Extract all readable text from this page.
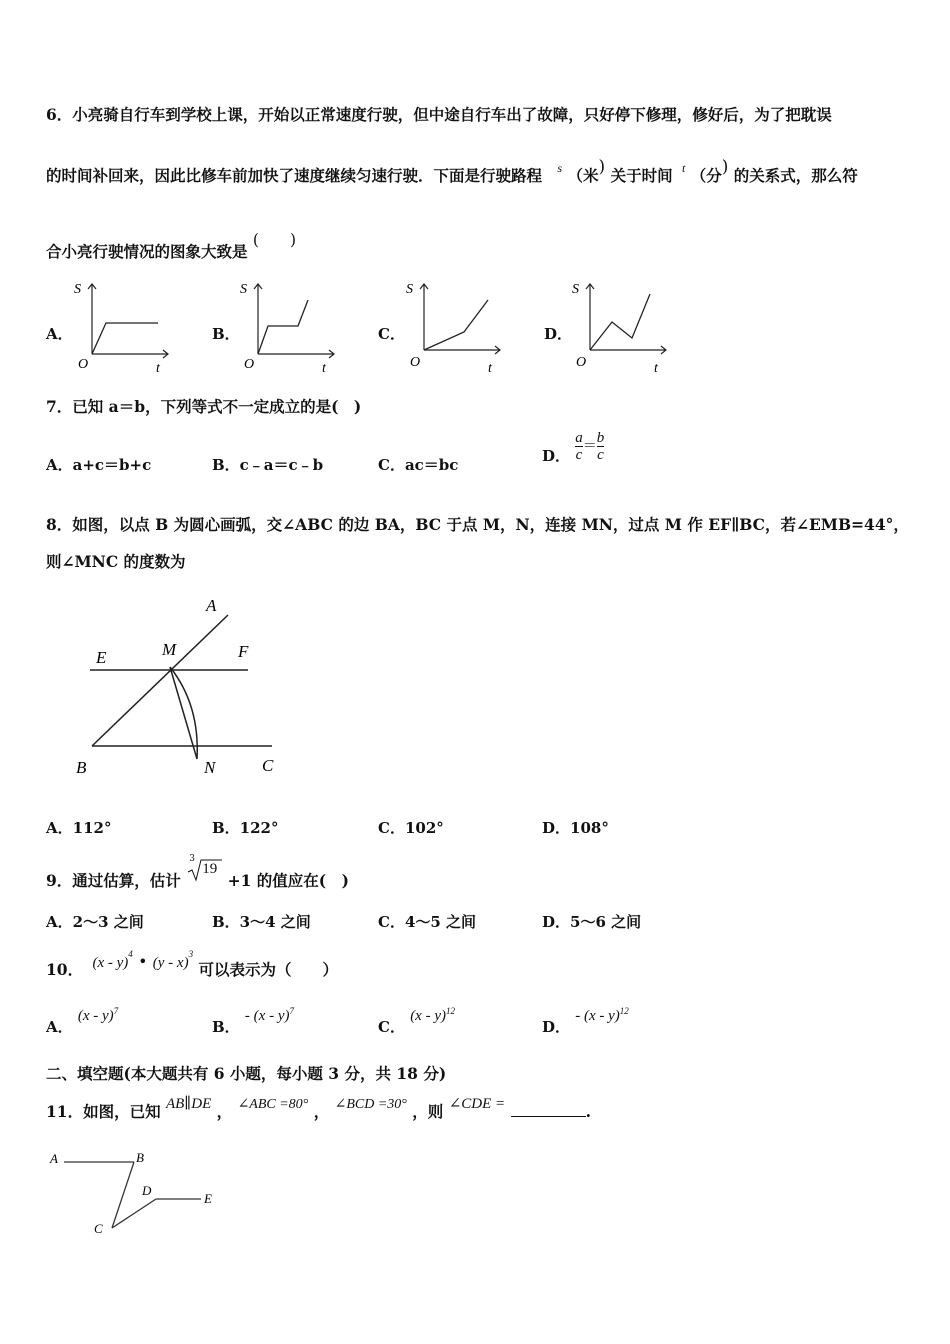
6．小亮骑自行车到学校上课，开始以正常速度行驶，但中途自行车出了故障，只好停下修理，修好后，为了把耽误
的时间补回来，因此比修车前加快了速度继续匀速行驶．下面是行驶路程 $^s$ （米) 关于时间 $^t$ （分) 的关系式，那么符
合小亮行驶情况的图象大致是 (　　)
A．	B．	C．	D．
S
O	t
S
O	t
S
O	t
S
O	t
7．已知 a＝b，下列等式不一定成立的是(　)
A．a+c＝b+c	B．c﹣a＝c﹣b	C．ac＝bc
D． $\frac{a}{c} = \frac{b}{c}$
8．如图，以点 B 为圆心画弧，交∠ABC 的边 BA，BC 于点 M，N，连接 MN，过点 M 作 EF∥BC，若∠EMB=44°，
则∠MNC 的度数为
A
E	M	F
B	N	C
A．112°	B．122°	C．102°	D．108°
9．通过估算，估计
3
19
+1 的值应在(　)
A．2～3 之间	B．3～4 之间	C．4～5 之间	D．5～6 之间
10． (x - y)$^4$ • (y - x)$^3$ 可以表示为（　　）
A． (x - y)$^7$
B． - (x - y)$^7$
C． (x - y)$^{12}$
D． - (x - y)$^{12}$
二、填空题(本大题共有 6 小题，每小题 3 分，共 18 分)
11．如图，已知 AB∥DE ， ∠ABC =80° ， ∠BCD =30° ，则 ∠CDE =	.
A	B
C
D
E
